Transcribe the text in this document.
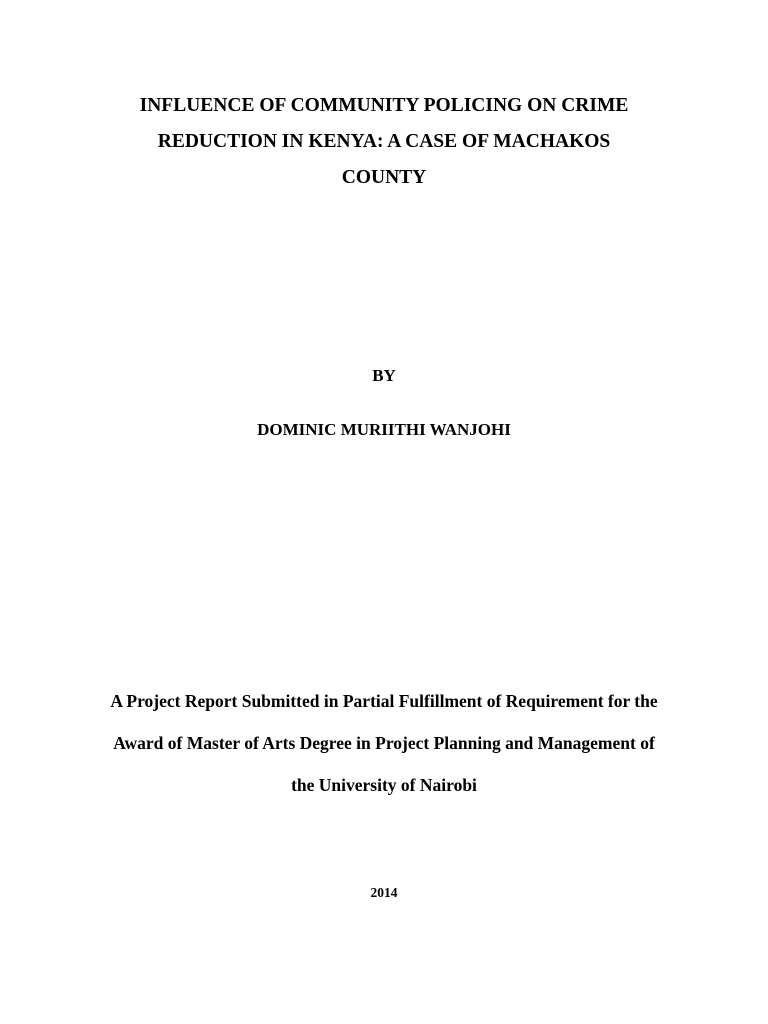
INFLUENCE OF COMMUNITY POLICING ON CRIME
REDUCTION IN KENYA: A CASE OF MACHAKOS
COUNTY
BY
DOMINIC MURIITHI WANJOHI
A Project Report Submitted in Partial Fulfillment of Requirement for the
Award of Master of Arts Degree in Project Planning and Management of
the University of Nairobi
2014
